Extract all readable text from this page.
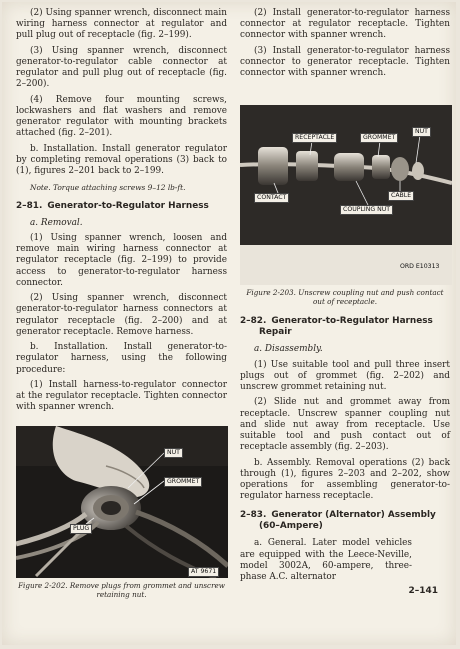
(2) Using spanner wrench, disconnect main wiring harness connector at regulator and pull plug out of receptacle (fig. 2–199).
(3) Using spanner wrench, disconnect generator-to-regulator cable connector at regulator and pull plug out of receptacle (fig. 2–200).
(4) Remove four mounting screws, lockwashers and flat washers and remove generator regulator with mounting brackets attached (fig. 2–201).
b. Installation. Install generator regulator by completing removal operations (3) back to (1), figures 2–201 back to 2–199.
Note. Torque attaching screws 9–12 lb-ft.
2–81. Generator-to-Regulator Harness
a. Removal.
(1) Using spanner wrench, loosen and remove main wiring harness connector at regulator receptacle (fig. 2–199) to provide access to generator-to-regulator harness connector.
(2) Using spanner wrench, disconnect generator-to-regulator harness connectors at regulator receptacle (fig. 2–200) and at generator receptacle. Remove harness.
b. Installation. Install generator-to-regulator harness, using the following procedure:
(1) Install harness-to-regulator connector at the regulator receptacle. Tighten connector with spanner wrench.
NUT
GROMMET
PLUG
AT 9671
Figure 2-202. Remove plugs from grommet and unscrew retaining nut.
(2) Install generator-to-regulator harness connector at regulator receptacle. Tighten connector with spanner wrench.
(3) Install generator-to-regulator harness connector to generator receptacle. Tighten connector with spanner wrench.
RECEPTACLE	GROMMET
NUT
CONTACT	CABLE
COUPLING NUT
ORD E10313
Figure 2-203. Unscrew coupling nut and push contact out of receptacle.
2–82. Generator-to-Regulator Harness
Repair
a. Disassembly.
(1) Use suitable tool and pull three insert plugs out of grommet (fig. 2–202) and unscrew grommet retaining nut.
(2) Slide nut and grommet away from receptacle. Unscrew spanner coupling nut and slide nut away from receptacle. Use suitable tool and push contact out of receptacle assembly (fig. 2–203).
b. Assembly. Removal operations (2) back through (1), figures 2–203 and 2–202, show operations for assembling generator-to-regulator harness receptacle.
2–83. Generator (Alternator) Assembly
(60–Ampere)
a. General. Later model vehicles are equipped with the Leece-Neville, model 3002A, 60-ampere, three-phase A.C. alternator
2–141
